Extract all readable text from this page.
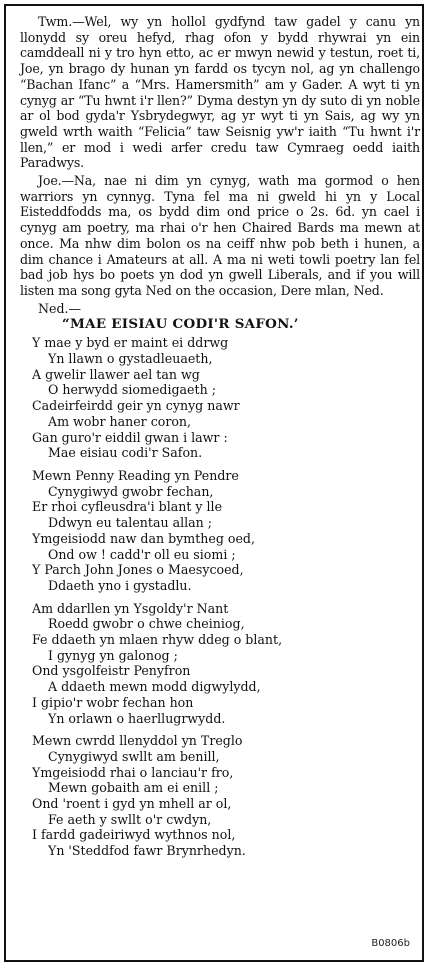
Twm.—Wel, wy yn hollol gydfynd taw gadel y canu yn llonydd sy oreu hefyd, rhag ofon y bydd rhywrai yn ein camddeall ni y tro hyn etto, ac er mwyn newid y testun, roet ti, Joe, yn brago dy hunan yn fardd os tycyn nol, ag yn challengo “Bachan Ifanc” a “Mrs. Hamersmith” am y Gader. A wyt ti yn cynyg ar “Tu hwnt i'r llen?” Dyma destyn yn dy suto di yn noble ar ol bod gyda'r Ysbrydegwyr, ag yr wyt ti yn Sais, ag wy yn gweld wrth waith “Felicia” taw Seisnig yw'r iaith “Tu hwnt i'r llen,” er mod i wedi arfer credu taw Cymraeg oedd iaith Paradwys.

Joe.—Na, nae ni dim yn cynyg, wath ma gormod o hen warriors yn cynnyg. Tyna fel ma ni gweld hi yn y Local Eisteddfodds ma, os bydd dim ond price o 2s. 6d. yn cael i cynyg am poetry, ma rhai o'r hen Chaired Bards ma mewn at once. Ma nhw dim bolon os na ceiff nhw pob beth i hunen, a dim chance i Amateurs at all. A ma ni weti towli poetry lan fel bad job hys bo poets yn dod yn gwell Liberals, and if you will listen ma song gyta Ned on the occasion, Dere mlan, Ned.

Ned.—

“MAE EISIAU CODI'R SAFON.’
Y mae y byd er maint ei ddrwg
Yn llawn o gystadleuaeth,
A gwelir llawer ael tan wg
O herwydd siomedigaeth ;
Cadeirfeirdd geir yn cynyg nawr
Am wobr haner coron,
Gan guro'r eiddil gwan i lawr :
Mae eisiau codi'r Safon.
Mewn Penny Reading yn Pendre
Cynygiwyd gwobr fechan,
Er rhoi cyfleusdra'i blant y lle
Ddwyn eu talentau allan ;
Ymgeisiodd naw dan bymtheg oed,
Ond ow ! cadd'r oll eu siomi ;
Y Parch John Jones o Maesycoed,
Ddaeth yno i gystadlu.
Am ddarllen yn Ysgoldy'r Nant
Roedd gwobr o chwe cheiniog,
Fe ddaeth yn mlaen rhyw ddeg o blant,
I gynyg yn galonog ;
Ond ysgolfeistr Penyfron
A ddaeth mewn modd digwylydd,
I gipio'r wobr fechan hon
Yn orlawn o haerllugrwydd.
Mewn cwrdd llenyddol yn Treglo
Cynygiwyd swllt am benill,
Ymgeisiodd rhai o lanciau'r fro,
Mewn gobaith am ei enill ;
Ond 'roent i gyd yn mhell ar ol,
Fe aeth y swllt o'r cwdyn,
I fardd gadeiriwyd wythnos nol,
Yn 'Steddfod fawr Brynrhedyn.
B0806b
